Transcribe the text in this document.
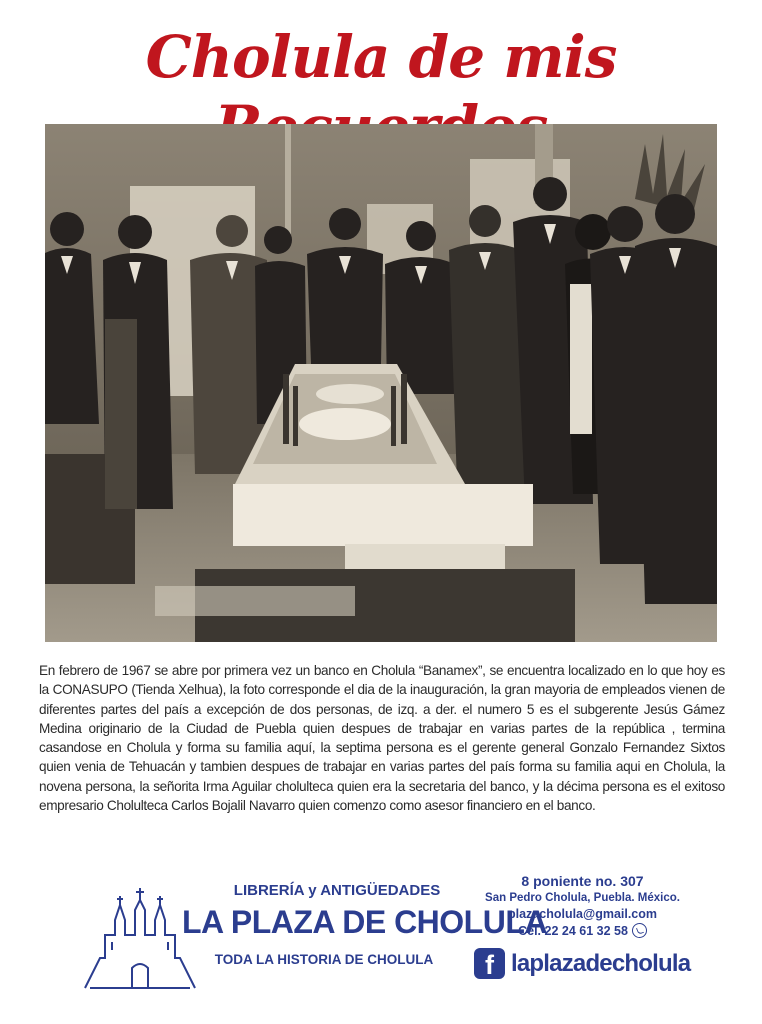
Cholula de mis
En febrero de 1967 se abre por primera vez un banco en Cholula “Banamex”, se encuentra localizado en lo que hoy es la CONASUPO (Tienda Xelhua), la foto corresponde el dia de la inauguración, la gran mayoria de empleados vienen de diferentes partes del país a excepción de dos personas, de izq. a der. el numero 5 es el subgerente Jesús Gámez Medina originario de la Ciudad de Puebla quien despues de trabajar en varias partes de la república , termina casandose en Cholula y forma su familia aquí, la septima persona es el gerente general Gonzalo Fernandez Sixtos quien venia de Tehuacán y tambien despues de trabajar en varias partes del país forma su familia aqui en Cholula, la novena persona, la señorita Irma Aguilar cholulteca quien era la secretaria del banco, y la décima persona es el exitoso empresario Cholulteca Carlos Bojalil Navarro quien comenzo como asesor financiero en el banco.
LIBRERÍA y ANTIGÜEDADES
LA PLAZA DE CHOLULA
TODA LA HISTORIA DE CHOLULA
8 poniente no. 307
San Pedro Cholula, Puebla. México.
plazacholula@gmail.com
Cel. 22 24 61 32 58
f laplazadecholula
